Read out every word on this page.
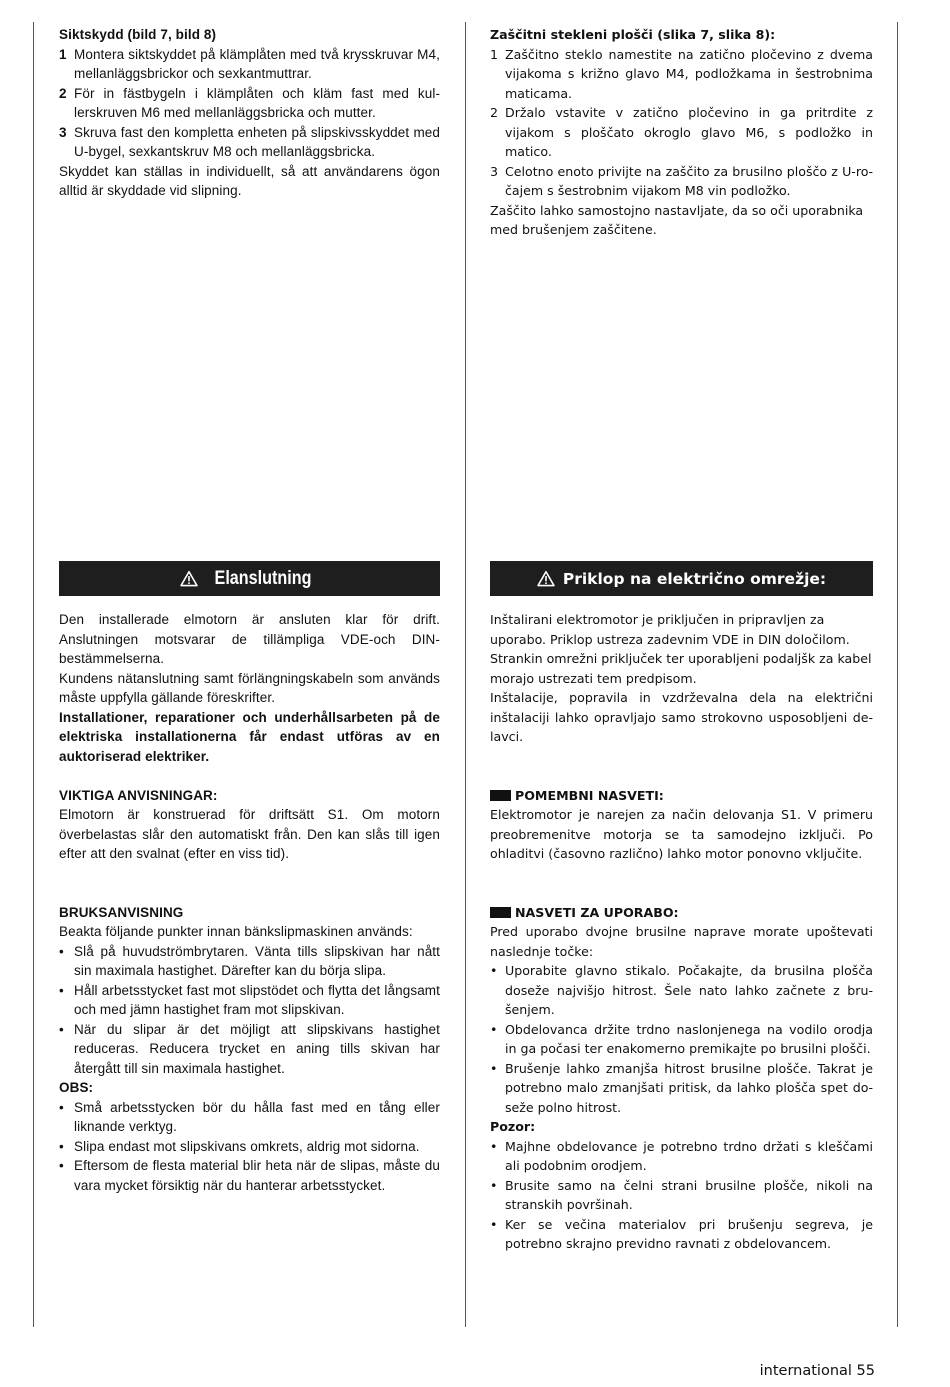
Siktskydd (bild 7, bild 8)
1 Montera siktskyddet på klämplåten med två krysskruvar M4, mellanläggsbrickor och sexkantmuttrar.
2 För in fästbygeln i klämplåten och kläm fast med kullerskruven M6 med mellanläggsbricka och mutter.
3 Skruva fast den kompletta enheten på slipskivsskyddet med U-bygel, sexkantskruv M8 och mellanläggsbricka.
Skyddet kan ställas in individuellt, så att användarens ögon alltid är skyddade vid slipning.
Zaščitni stekleni plošči (slika 7, slika 8):
1 Zaščitno steklo namestite na zatično pločevino z dvema vijakoma s križno glavo M4, podložkama in šestrobnima maticama.
2 Držalo vstavite v zatično pločevino in ga pritrdite z vijakom s ploščato okroglo glavo M6, s podložko in matico.
3 Celotno enoto privijte na zaščito za brusilno ploščo z U-ročajem s šestrobnim vijakom M8 vin podložko.
Zaščito lahko samostojno nastavljate, da so oči uporabnika med brušenjem zaščitene.
Elanslutning	Priklop na električno omrežje:
Den installerade elmotorn är ansluten klar för drift. Anslutningen motsvarar de tillämpliga VDE-och DIN-bestämmelserna.
Kundens nätanslutning samt förlängningskabeln som används måste uppfylla gällande föreskrifter.
Installationer, reparationer och underhållsarbeten på de elektriska installationerna får endast utföras av en auktoriserad elektriker.
VIKTIGA ANVISNINGAR:
Elmotorn är konstruerad för driftsätt S1. Om motorn överbelastas slår den automatiskt från. Den kan slås till igen efter att den svalnat (efter en viss tid).
BRUKSANVISNING
Beakta följande punkter innan bänkslipmaskinen används:
• Slå på huvudströmbrytaren. Vänta tills slipskivan har nått sin maximala hastighet. Därefter kan du börja slipa.
• Håll arbetsstycket fast mot slipstödet och flytta det långsamt och med jämn hastighet fram mot slipskivan.
• När du slipar är det möjligt att slipskivans hastighet reduceras. Reducera trycket en aning tills skivan har återgått till sin maximala hastighet.
OBS:
• Små arbetsstycken bör du hålla fast med en tång eller liknande verktyg.
• Slipa endast mot slipskivans omkrets, aldrig mot sidorna.
• Eftersom de flesta material blir heta när de slipas, måste du vara mycket försiktig när du hanterar arbetsstycket.
Inštalirani elektromotor je priključen in pripravljen za uporabo. Priklop ustreza zadevnim VDE in DIN določilom.
Strankin omrežni priključek ter uporabljeni podaljšk za kabel morajo ustrezati tem predpisom.
Inštalacije, popravila in vzdrževalna dela na električni inštalaciji lahko opravljajo samo strokovno usposobljeni delavci.
POMEMBNI NASVETI:
Elektromotor je narejen za način delovanja S1. V primeru preobremenitve motorja se ta samodejno izključi. Po ohladitvi (časovno različno) lahko motor ponovno vključite.
NASVETI ZA UPORABO:
Pred uporabo dvojne brusilne naprave morate upoštevati naslednje točke:
• Uporabite glavno stikalo. Počakajte, da brusilna plošča doseže najvišjo hitrost. Šele nato lahko začnete z brušenjem.
• Obdelovanca držite trdno naslonjenega na vodilo orodja in ga počasi ter enakomerno premikajte po brusilni plošči.
• Brušenje lahko zmanjša hitrost brusilne plošče. Takrat je potrebno malo zmanjšati pritisk, da lahko plošča spet doseže polno hitrost.
Pozor:
• Majhne obdelovance je potrebno trdno držati s kleščami ali podobnim orodjem.
• Brusite samo na čelni strani brusilne plošče, nikoli na stranskih površinah.
• Ker se večina materialov pri brušenju segreva, je potrebno skrajno previdno ravnati z obdelovancem.
international 55
